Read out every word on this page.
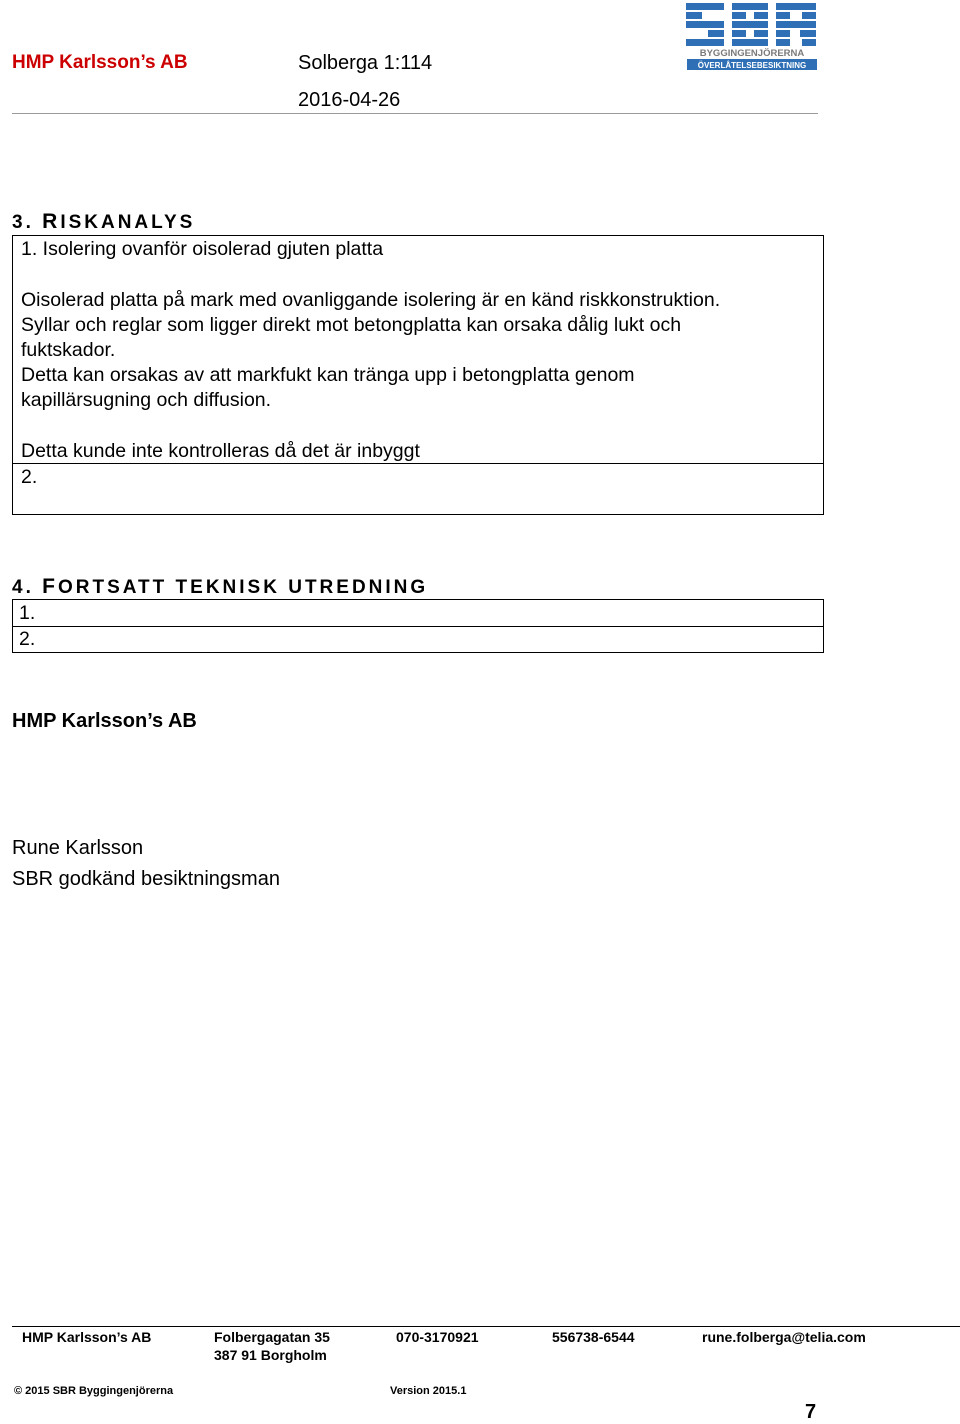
HMP Karlsson’s AB	Solberga 1:114
2016-04-26
BYGGINGENJÖRERNA
ÖVERLÅTELSEBESIKTNING
3. RISKANALYS
1. Isolering ovanför oisolerad gjuten platta
Oisolerad platta på mark med ovanliggande isolering är en känd riskkonstruktion.
Syllar och reglar som ligger direkt mot betongplatta kan orsaka dålig lukt och
fuktskador.
Detta kan orsakas av att markfukt kan tränga upp i betongplatta genom
kapillärsugning och diffusion.
Detta kunde inte kontrolleras då det är inbyggt
2.
4. FORTSATT TEKNISK UTREDNING
1.
2.
HMP Karlsson’s AB
Rune Karlsson
SBR godkänd besiktningsman
HMP Karlsson’s AB	Folbergagatan 35
387 91 Borgholm
070-3170921	556738-6544	rune.folberga@telia.com
© 2015 SBR Byggingenjörerna	Version 2015.1
7
